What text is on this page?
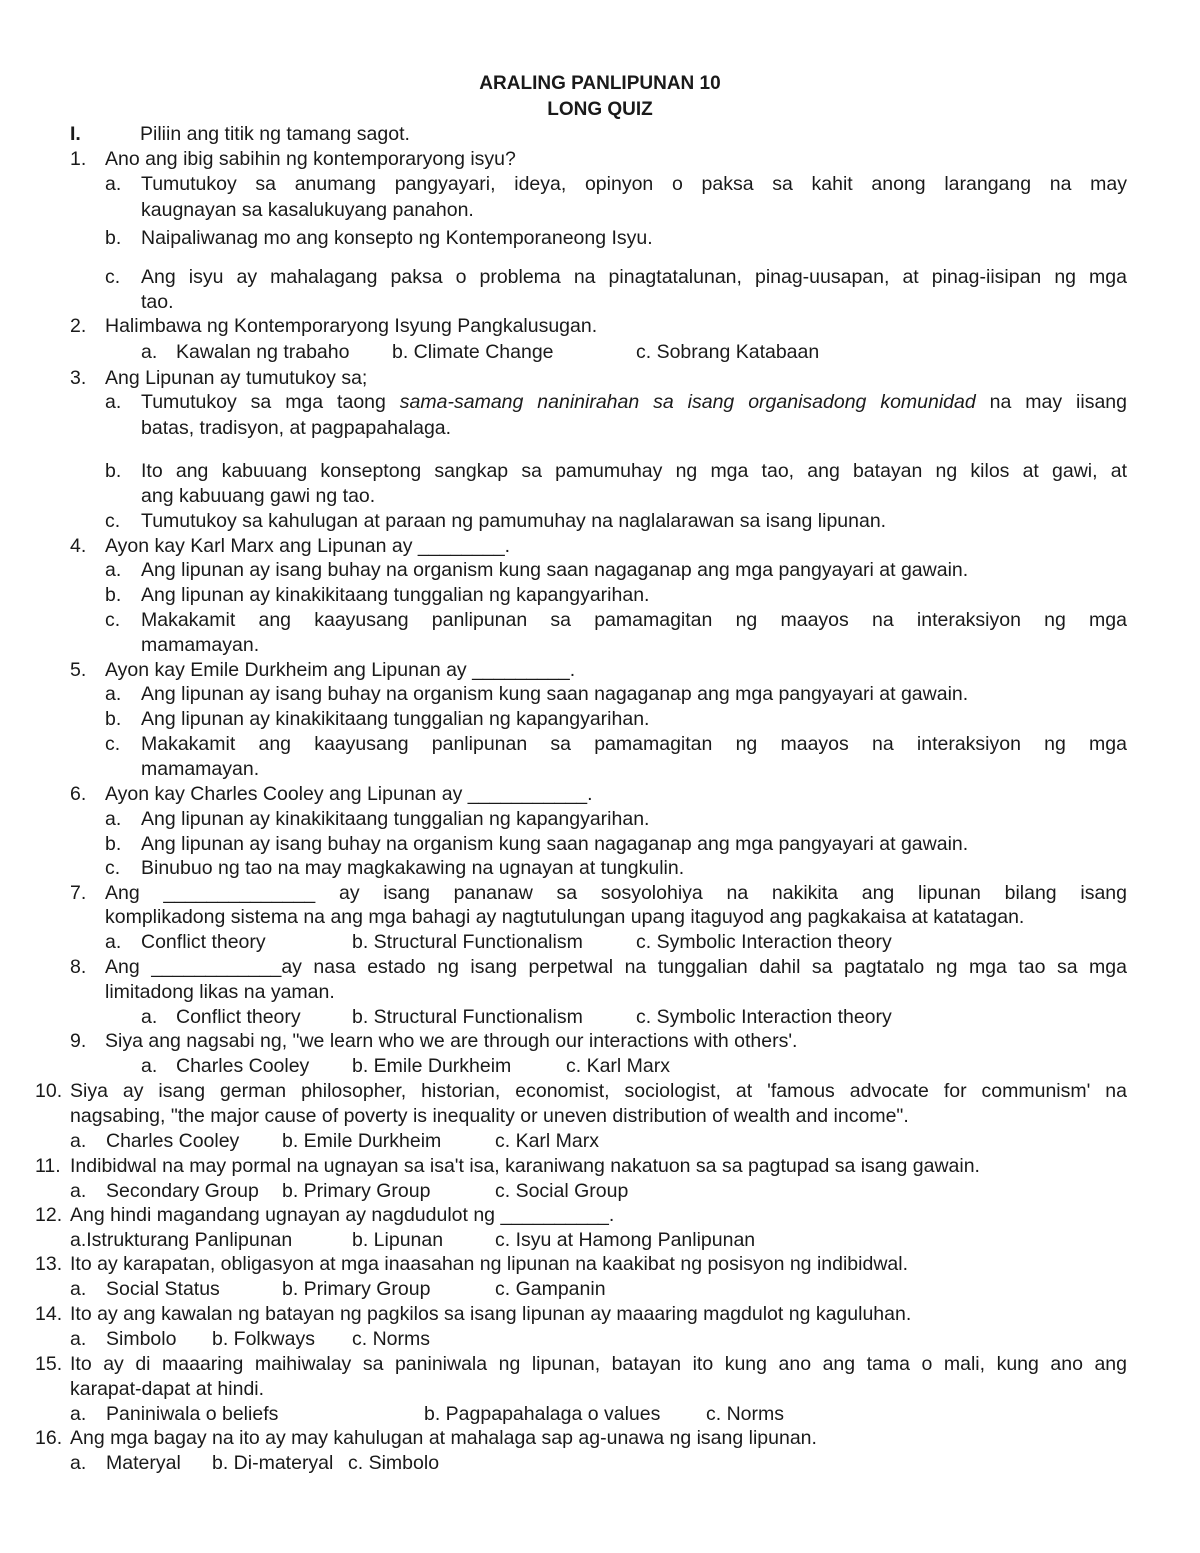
ARALING PANLIPUNAN 10
LONG QUIZ
I.	Piliin ang titik ng tamang sagot.
1. Ano ang ibig sabihin ng kontemporaryong isyu?
a. Tumutukoy sa anumang pangyayari, ideya, opinyon o paksa sa kahit anong larangang na may
kaugnayan sa kasalukuyang panahon.
b. Naipaliwanag mo ang konsepto ng Kontemporaneong Isyu.
c. Ang isyu ay mahalagang paksa o problema na pinagtatalunan, pinag-uusapan, at pinag-iisipan ng mga
tao.
2. Halimbawa ng Kontemporaryong Isyung Pangkalusugan.
a. Kawalan ng trabaho b. Climate Change	c. Sobrang Katabaan
3. Ang Lipunan ay tumutukoy sa;
a. Tumutukoy sa mga taong sama-samang naninirahan sa isang organisadong komunidad na may iisang
batas, tradisyon, at pagpapahalaga.
b. Ito ang kabuuang konseptong sangkap sa pamumuhay ng mga tao, ang batayan ng kilos at gawi, at
ang kabuuang gawi ng tao.
c. Tumutukoy sa kahulugan at paraan ng pamumuhay na naglalarawan sa isang lipunan.
4. Ayon kay Karl Marx ang Lipunan ay ________.
a. Ang lipunan ay isang buhay na organism kung saan nagaganap ang mga pangyayari at gawain.
b. Ang lipunan ay kinakikitaang tunggalian ng kapangyarihan.
c. Makakamit ang kaayusang panlipunan sa pamamagitan ng maayos na interaksiyon ng mga
mamamayan.
5. Ayon kay Emile Durkheim ang Lipunan ay _________.
a. Ang lipunan ay isang buhay na organism kung saan nagaganap ang mga pangyayari at gawain.
b. Ang lipunan ay kinakikitaang tunggalian ng kapangyarihan.
c. Makakamit ang kaayusang panlipunan sa pamamagitan ng maayos na interaksiyon ng mga
mamamayan.
6. Ayon kay Charles Cooley ang Lipunan ay ___________.
a. Ang lipunan ay kinakikitaang tunggalian ng kapangyarihan.
b. Ang lipunan ay isang buhay na organism kung saan nagaganap ang mga pangyayari at gawain.
c. Binubuo ng tao na may magkakawing na ugnayan at tungkulin.
7. Ang ______________ ay isang pananaw sa sosyolohiya na nakikita ang lipunan bilang isang
komplikadong sistema na ang mga bahagi ay nagtutulungan upang itaguyod ang pagkakaisa at katatagan.
a. Conflict theory	b. Structural Functionalism	c. Symbolic Interaction theory
8. Ang ____________ay nasa estado ng isang perpetwal na tunggalian dahil sa pagtatalo ng mga tao sa mga
limitadong likas na yaman.
a. Conflict theory	b. Structural Functionalism	c. Symbolic Interaction theory
9. Siya ang nagsabi ng, "we learn who we are through our interactions with others'.
a. Charles Cooley b. Emile Durkheim	c. Karl Marx
10. Siya ay isang german philosopher, historian, economist, sociologist, at 'famous advocate for communism' na
nagsabing, "the major cause of poverty is inequality or uneven distribution of wealth and income".
a. Charles Cooley b. Emile Durkheim	c. Karl Marx
11. Indibidwal na may pormal na ugnayan sa isa't isa, karaniwang nakatuon sa sa pagtupad sa isang gawain.
a. Secondary Group b. Primary Group	c. Social Group
12. Ang hindi magandang ugnayan ay nagdudulot ng __________.
a.Istrukturang Panlipunan	b. Lipunan	c. Isyu at Hamong Panlipunan
13. Ito ay karapatan, obligasyon at mga inaasahan ng lipunan na kaakibat ng posisyon ng indibidwal.
a. Social Status	b. Primary Group	c. Gampanin
14. Ito ay ang kawalan ng batayan ng pagkilos sa isang lipunan ay maaaring magdulot ng kaguluhan.
a. Simbolo b. Folkways c. Norms
15. Ito ay di maaaring maihiwalay sa paniniwala ng lipunan, batayan ito kung ano ang tama o mali, kung ano ang
karapat-dapat at hindi.
a. Paniniwala o beliefs	b. Pagpapahalaga o values c. Norms
16. Ang mga bagay na ito ay may kahulugan at mahalaga sap ag-unawa ng isang lipunan.
a. Materyal b. Di-materyal c. Simbolo
